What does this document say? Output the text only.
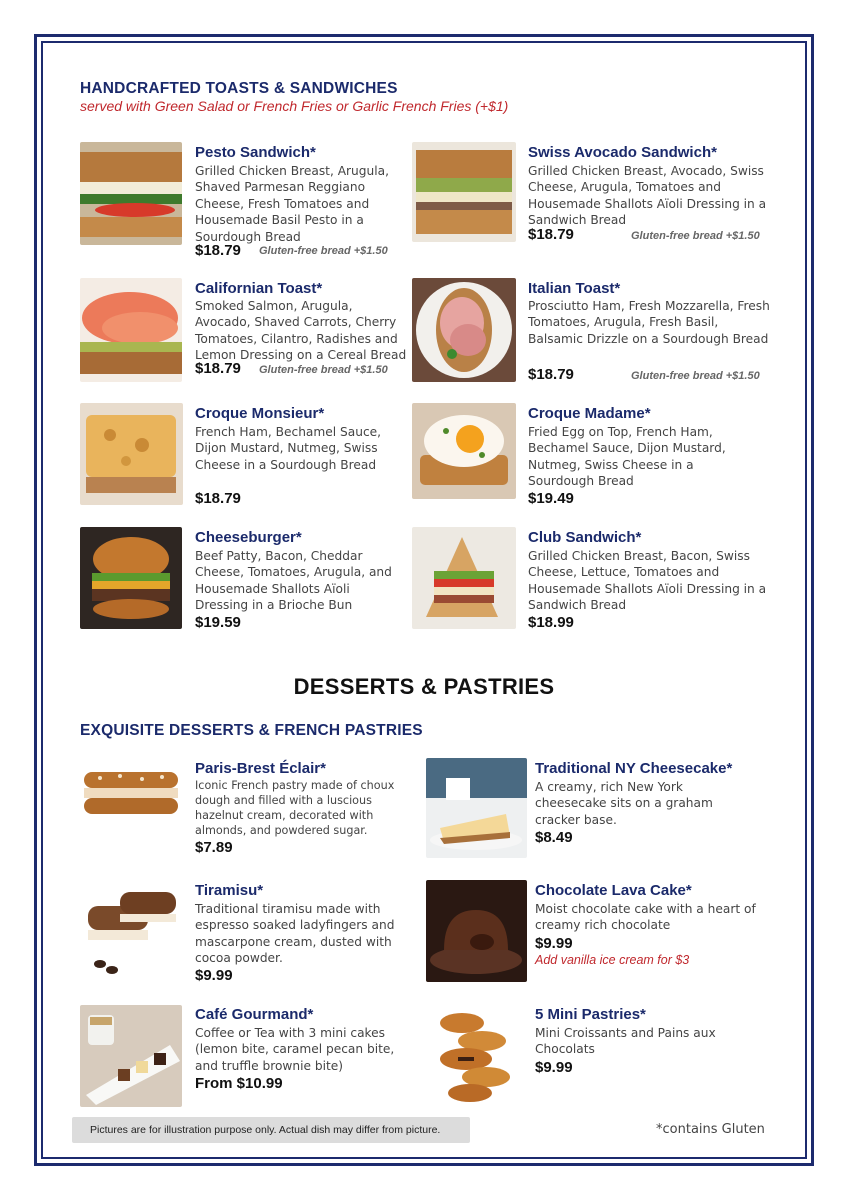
HANDCRAFTED TOASTS & SANDWICHES
served with Green Salad or French Fries or Garlic French Fries (+$1)
Pesto Sandwich*
Grilled Chicken Breast, Arugula, Shaved Parmesan Reggiano Cheese, Fresh Tomatoes and Housemade Basil Pesto in a Sourdough Bread
$18.79 Gluten-free bread +$1.50
Swiss Avocado Sandwich*
Grilled Chicken Breast, Avocado, Swiss Cheese, Arugula, Tomatoes and Housemade Shallots Aïoli Dressing in a Sandwich Bread
$18.79	Gluten-free bread +$1.50
Californian Toast*
Smoked Salmon, Arugula, Avocado, Shaved Carrots, Cherry Tomatoes, Cilantro, Radishes and Lemon Dressing on a Cereal Bread
$18.79 Gluten-free bread +$1.50
Italian Toast*
Prosciutto Ham, Fresh Mozzarella, Fresh Tomatoes, Arugula, Fresh Basil, Balsamic Drizzle on a Sourdough Bread
$18.79	Gluten-free bread +$1.50
Croque Monsieur*
French Ham, Bechamel Sauce, Dijon Mustard, Nutmeg, Swiss Cheese in a Sourdough Bread
$18.79
Croque Madame*
Fried Egg on Top, French Ham, Bechamel Sauce, Dijon Mustard, Nutmeg, Swiss Cheese in a Sourdough Bread
$19.49
Cheeseburger*
Beef Patty, Bacon, Cheddar Cheese, Tomatoes, Arugula, and Housemade Shallots Aïoli Dressing in a Brioche Bun
$19.59
Club Sandwich*
Grilled Chicken Breast, Bacon, Swiss Cheese, Lettuce, Tomatoes and Housemade Shallots Aïoli Dressing in a Sandwich Bread
$18.99
DESSERTS & PASTRIES
EXQUISITE DESSERTS & FRENCH PASTRIES
Paris-Brest Éclair*
Iconic French pastry made of choux dough and filled with a luscious hazelnut cream, decorated with almonds, and powdered sugar.
$7.89
Traditional NY Cheesecake*
A creamy, rich New York cheesecake sits on a graham cracker base.
$8.49
Tiramisu*
Traditional tiramisu made with espresso soaked ladyfingers and mascarpone cream, dusted with cocoa powder.
$9.99
Chocolate Lava Cake*
Moist chocolate cake with a heart of creamy rich chocolate
$9.99
Add vanilla ice cream for $3
Café Gourmand*
Coffee or Tea with 3 mini cakes (lemon bite, caramel pecan bite, and truffle brownie bite)
From $10.99
5 Mini Pastries*
Mini Croissants and Pains aux Chocolats
$9.99
Pictures are for illustration purpose only. Actual dish may differ from picture.	*contains Gluten
